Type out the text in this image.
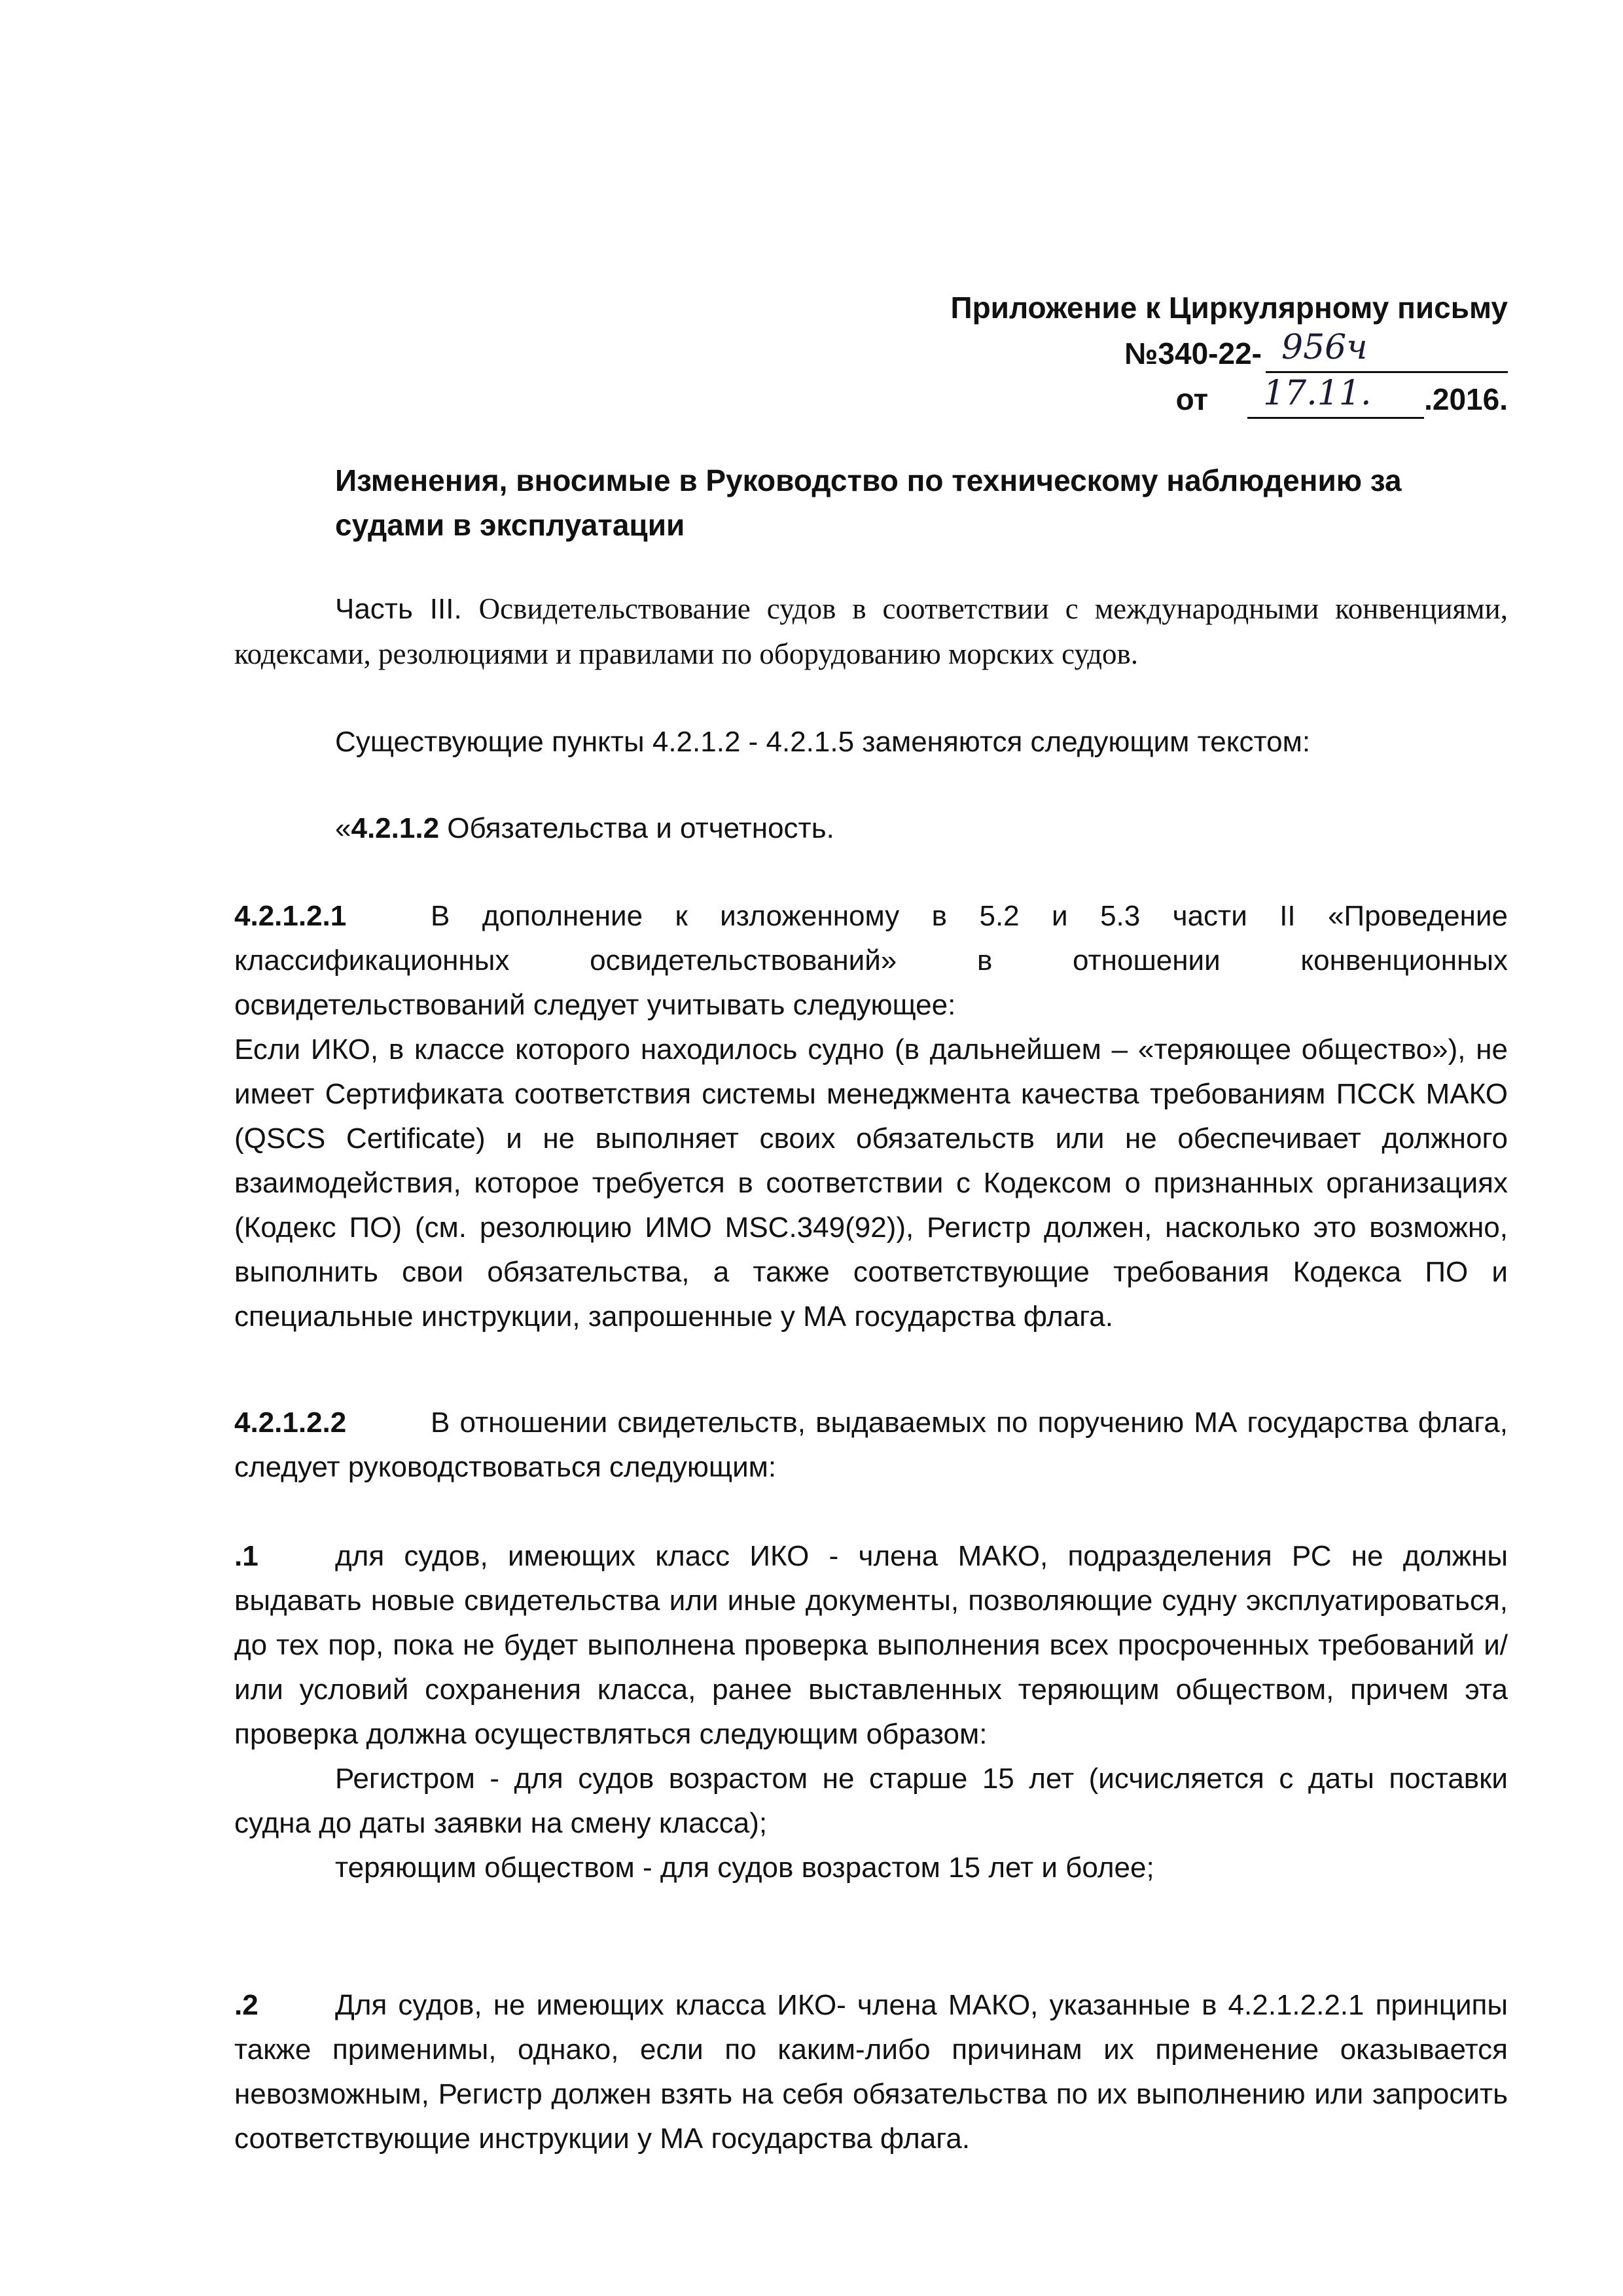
Приложение к Циркулярному письму
№340-22- 956ч
от	17.11.	.2016.
Изменения, вносимые в Руководство по техническому наблюдению за судами в эксплуатации

Часть III. Освидетельствование судов в соответствии с международными конвенциями, кодексами, резолюциями и правилами по оборудованию морских судов.

Существующие пункты 4.2.1.2 - 4.2.1.5 заменяются следующим текстом:

«4.2.1.2 Обязательства и отчетность.

4.2.1.2.1	В дополнение к изложенному в 5.2 и 5.3 части II «Проведение классификационных освидетельствований» в отношении конвенционных освидетельствований следует учитывать следующее:

Если ИКО, в классе которого находилось судно (в дальнейшем – «теряющее общество»), не имеет Сертификата соответствия системы менеджмента качества требованиям ПССК МАКО (QSCS Certificate) и не выполняет своих обязательств или не обеспечивает должного взаимодействия, которое требуется в соответствии с Кодексом о признанных организациях (Кодекс ПО) (см. резолюцию ИМО MSC.349(92)), Регистр должен, насколько это возможно, выполнить свои обязательства, а также соответствующие требования Кодекса ПО и специальные инструкции, запрошенные у МА государства флага.

4.2.1.2.2	В отношении свидетельств, выдаваемых по поручению МА государства флага, следует руководствоваться следующим:

.1	для судов, имеющих класс ИКО - члена МАКО, подразделения РС не должны выдавать новые свидетельства или иные документы, позволяющие судну эксплуатироваться, до тех пор, пока не будет выполнена проверка выполнения всех просроченных требований и/или условий сохранения класса, ранее выставленных теряющим обществом, причем эта проверка должна осуществляться следующим образом:

Регистром - для судов возрастом не старше 15 лет (исчисляется с даты поставки судна до даты заявки на смену класса);

теряющим обществом - для судов возрастом 15 лет и более;

.2	Для судов, не имеющих класса ИКО- члена МАКО, указанные в 4.2.1.2.2.1 принципы также применимы, однако, если по каким-либо причинам их применение оказывается невозможным, Регистр должен взять на себя обязательства по их выполнению или запросить соответствующие инструкции у МА государства флага.
